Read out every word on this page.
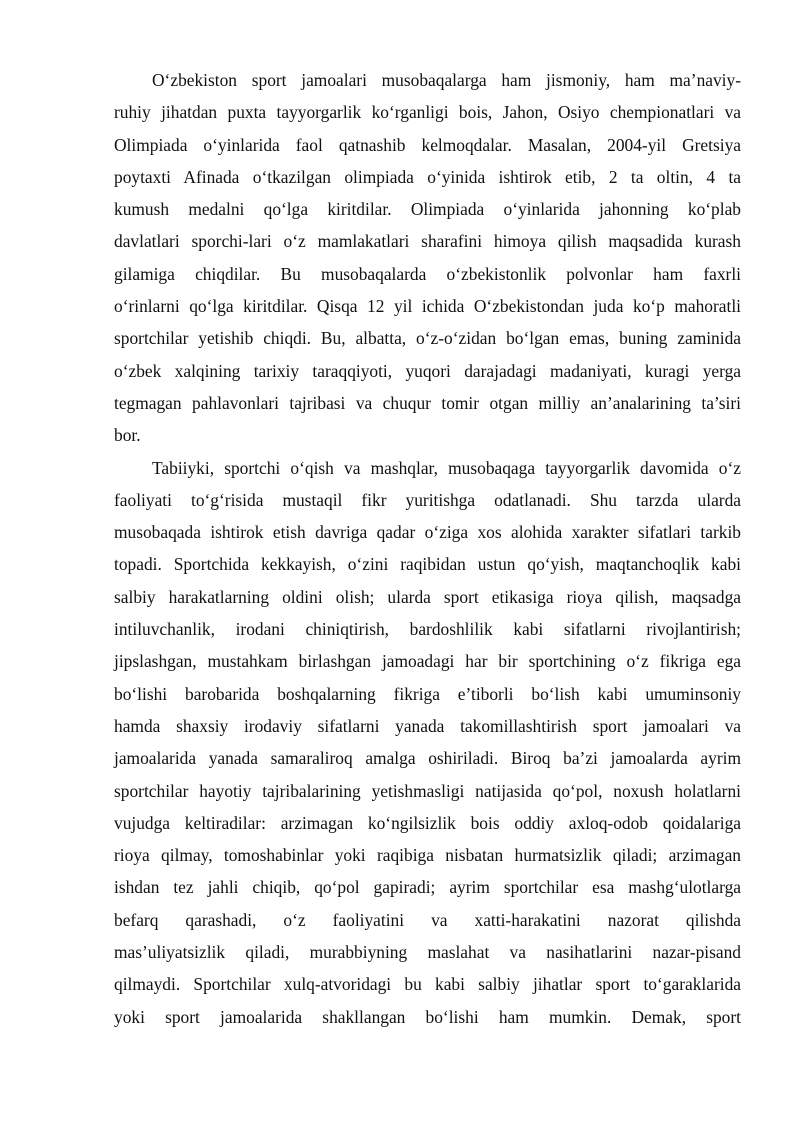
O‘zbekiston sport jamoalari musobaqalarga ham jismoniy, ham ma’naviy-
ruhiy jihatdan puxta tayyorgarlik ko‘rganligi bois, Jahon, Osiyo chempionatlari va
Olimpiada o‘yinlarida faol qatnashib kelmoqdalar. Masalan, 2004-yil Gretsiya
poytaxti Afinada o‘tkazilgan olimpiada o‘yinida ishtirok etib, 2 ta oltin, 4 ta
kumush medalni qo‘lga kiritdilar. Olimpiada o‘yinlarida jahonning ko‘plab
davlatlari sporchi-lari o‘z mamlakatlari sharafini himoya qilish maqsadida kurash
gilamiga chiqdilar. Bu musobaqalarda o‘zbekistonlik polvonlar ham faxrli
o‘rinlarni qo‘lga kiritdilar. Qisqa 12 yil ichida O‘zbekistondan juda ko‘p mahoratli
sportchilar yetishib chiqdi. Bu, albatta, o‘z-o‘zidan bo‘lgan emas, buning zaminida
o‘zbek xalqining tarixiy taraqqiyoti, yuqori darajadagi madaniyati, kuragi yerga
tegmagan pahlavonlari tajribasi va chuqur tomir otgan milliy an’analarining ta’siri
bor.
Tabiiyki, sportchi o‘qish va mashqlar, musobaqaga tayyorgarlik davomida o‘z
faoliyati to‘g‘risida mustaqil fikr yuritishga odatlanadi. Shu tarzda ularda
musobaqada ishtirok etish davriga qadar o‘ziga xos alohida xarakter sifatlari tarkib
topadi. Sportchida kekkayish, o‘zini raqibidan ustun qo‘yish, maqtanchoqlik kabi
salbiy harakatlarning oldini olish; ularda sport etikasiga rioya qilish, maqsadga
intiluvchanlik, irodani chiniqtirish, bardoshlilik kabi sifatlarni rivojlantirish;
jipslashgan, mustahkam birlashgan jamoadagi har bir sportchining o‘z fikriga ega
bo‘lishi barobarida boshqalarning fikriga e’tiborli bo‘lish kabi umuminsoniy
hamda shaxsiy irodaviy sifatlarni yanada takomillashtirish sport jamoalari va
jamoalarida yanada samaraliroq amalga oshiriladi. Biroq ba’zi jamoalarda ayrim
sportchilar hayotiy tajribalarining yetishmasligi natijasida qo‘pol, noxush holatlarni
vujudga keltiradilar: arzimagan ko‘ngilsizlik bois oddiy axloq-odob qoidalariga
rioya qilmay, tomoshabinlar yoki raqibiga nisbatan hurmatsizlik qiladi; arzimagan
ishdan tez jahli chiqib, qo‘pol gapiradi; ayrim sportchilar esa mashg‘ulotlarga
befarq qarashadi, o‘z faoliyatini va xatti-harakatini nazorat qilishda
mas’uliyatsizlik qiladi, murabbiyning maslahat va nasihatlarini nazar-pisand
qilmaydi. Sportchilar xulq-atvoridagi bu kabi salbiy jihatlar sport to‘garaklarida
yoki sport jamoalarida shakllangan bo‘lishi ham mumkin. Demak, sport
